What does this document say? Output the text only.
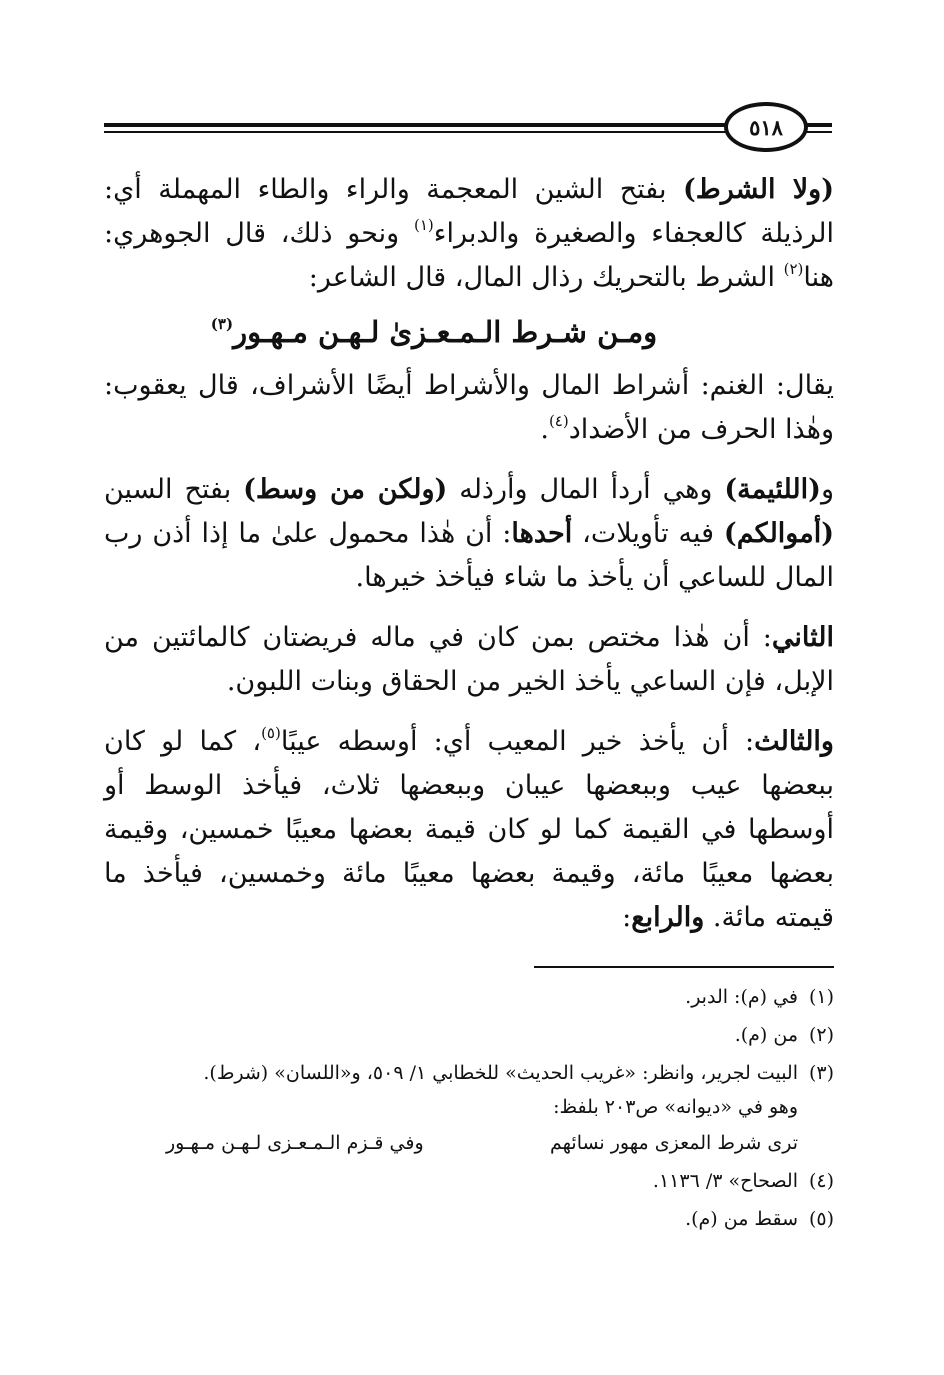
٥١٨

(ولا الشرط) بفتح الشين المعجمة والراء والطاء المهملة أي: الرذيلة كالعجفاء والصغيرة والدبراء$^{(١)}$ ونحو ذلك، قال الجوهري: هنا$^{(٢)}$ الشرط بالتحريك رذال المال، قال الشاعر:

ومـن شـرط الـمـعـزىٰ لـهـن مـهـور$^{(٣)}$

يقال: الغنم: أشراط المال والأشراط أيضًا الأشراف، قال يعقوب: وهٰذا الحرف من الأضداد$^{(٤)}$.

و(اللئيمة) وهي أردأ المال وأرذله (ولكن من وسط) بفتح السين (أموالكم) فيه تأويلات، أحدها: أن هٰذا محمول علىٰ ما إذا أذن رب المال للساعي أن يأخذ ما شاء فيأخذ خيرها.

الثاني: أن هٰذا مختص بمن كان في ماله فريضتان كالمائتين من الإبل، فإن الساعي يأخذ الخير من الحقاق وبنات اللبون.

والثالث: أن يأخذ خير المعيب أي: أوسطه عيبًا$^{(٥)}$، كما لو كان ببعضها عيب وببعضها عيبان وببعضها ثلاث، فيأخذ الوسط أو أوسطها في القيمة كما لو كان قيمة بعضها معيبًا خمسين، وقيمة بعضها معيبًا مائة، وقيمة بعضها معيبًا مائة وخمسين، فيأخذ ما قيمته مائة. والرابع:

(١)في (م): الدبر.
(٢)من (م).
(٣)البيت لجرير، وانظر: «غريب الحديث» للخطابي ١/ ٥٠٩، و«اللسان» (شرط).
وهو في «ديوانه» ص٢٠٣ بلفظ:
ترى شرط المعزى مهور نسائهم
وفي قـزم الـمـعـزى لـهـن مـهـور
(٤)الصحاح» ٣/ ١١٣٦.
(٥)سقط من (م).
